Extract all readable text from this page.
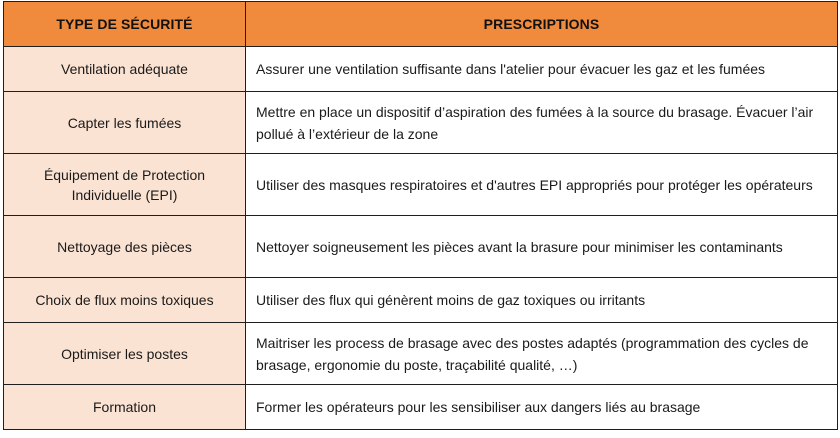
TYPE DE SÉCURITÉ	PRESCRIPTIONS
Ventilation adéquate	Assurer une ventilation suffisante dans l'atelier pour évacuer les gaz et les fumées
Capter les fumées	Mettre en place un dispositif d’aspiration des fumées à la source du brasage. Évacuer l’air pollué à l’extérieur de la zone
Équipement de Protection Individuelle (EPI)	Utiliser des masques respiratoires et d'autres EPI appropriés pour protéger les opérateurs
Nettoyage des pièces	Nettoyer soigneusement les pièces avant la brasure pour minimiser les contaminants
Choix de flux moins toxiques	Utiliser des flux qui génèrent moins de gaz toxiques ou irritants
Optimiser les postes	Maitriser les process de brasage avec des postes adaptés (programmation des cycles de brasage, ergonomie du poste, traçabilité qualité, …)
Formation	Former les opérateurs pour les sensibiliser aux dangers liés au brasage
